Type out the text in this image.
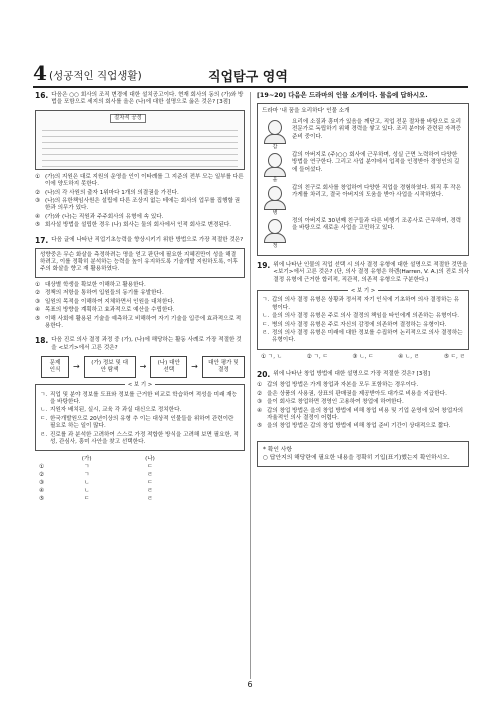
4 (성공적인 직업생활)	직업탐구 영역
16. 다음은 ○○ 회사의 조직 변경에 대한 설치공고이다. 현재 회사의 동의 (가)와 방법을 포함으로 세지의 회사를 올은 (나)에 대한 설명으로 옳은 것은? [3점]
절차적 공정
① (가)의 지원은 대로 지원의 운영을 인이 이타례를 그 지준의 전부 모는 일부를 다른이에 양도하지 못한다.
② (나)의 각 사원의 출자 1위마다 1개의 의결권을 가진다.
③ (나)의 유한책임사원은 설립에 다른 조상지 없는 테에는 회사의 업무를 집행할 권한과 의무가 있다.
④ (가)와 (나)는 직원과 주주회사의 유형에 속 있다.
⑤ 회사설 방법을 설립한 경우 (나) 회사는 둘의 회사에서 인적 회사로 변경된다.
17. 다음 글에 나타난 직업기초능력을 향상시키기 위한 방법으로 가장 적절한 것은?
성향중은 무슨 화살을 측정하려는 명을 얻고 판단에 필요한 지혜진만이 성을 해결하려고, 이를 정확히 분석하는 능력을 높이 유지하도록 기술개발 지원하도록, 이후 주의 화살을 향고 재 활용하였다.
① 대상별 학생을 확보한 이해하고 활용한다.
② 정책의 저항을 통하여 입원들의 동기를 유발한다.
③ 일원의 목적을 이해하여 지체하면서 인원을 대처한다.
④ 목표의 방향을 계획하고 효과적으로 예산을 수립한다.
⑤ 이해 사회에 활용된 기술을 예측하고 비해하여 자기 기술을 입증에 효과적으로 적용한다.
18. 다음 진로 의사 결정 과정 중 (가), (나)에 해당하는 활동 사례로 가장 적절한 것을 <보기>에서 고른 것은?
문제 인식	→	(가) 정보 및 대안 탐색	→	(나) 대안 선택	→	대안 평가 및 결정
< 보 기 >
ㄱ. 직업 및 분야 정보를 도표와 정보를 근거한 비교로 학습하여 적성을 미래 재능을 바탕한다.
ㄴ. 지원자 배치된, 실시, 교육 각 과실 대신으로 정치한다.
ㄷ. 한국개발원으로 20년이상의 유형 추 이는 대상적 인물들을 위하여 관련이란 필요로 하는 일이 많다.
ㄹ. 진로를 과 분석한 고려하여 스스로 가정 적합한 방식을 고려해 보면 필요한, 적성, 관심사, 흥미 사안을 찾고 선택한다.
(가)	(나)
①	ㄱ	ㄷ
②	ㄱ	ㄹ
③	ㄴ	ㄷ
④	ㄴ	ㄹ
⑤	ㄷ	ㄹ
[19~20] 다음은 드라마의 인물 소개이다. 물음에 답하시오.
드라마 '내 꿈을 요리하다' 인물 소개
갑
요리에 소질과 흥미가 있음을 깨닫고, 직업 전문 절차를 바탕으로 요리 전문가로 독립하기 위해 경력을 쌓고 있다. 조리 분야와 관련된 자격증 준비 중이다.
을
갑의 아버지로 (주)○○ 회사에 근무하며, 성실 근면 노력하여 다양한 방법을 연구한다. 그리고 사업 분야에서 업적을 인정받아 경영인의 길에 들어섰다.
병
갑의 친구로 회사를 창업하여 다양한 직업을 경험하였다. 퇴직 후 작은 가게를 차리고, 결국 아버지의 도움을 받아 사업을 시작하였다.
정
정의 아버지로 30년째 친구들과 다른 비행기 조종사로 근무하며, 경력을 바탕으로 새로운 사업을 고민하고 있다.
19. 위에 나타난 인물의 직업 선택 시 의사 결정 유형에 대한 설명으로 적절한 것만을 <보기>에서 고른 것은? (단, 의사 결정 유형은 하렌(Harren, V. A.)의 진로 의사 결정 유형에 근거한 합리적, 직관적, 의존적 유형으로 구분한다.)
< 보 기 >
ㄱ. 갑의 의사 결정 유형은 상황과 정서적 자기 인식에 기초하여 의사 결정하는 유형이다.
ㄴ. 을의 의사 결정 유형은 주로 의사 결정의 책임을 타인에게 의존하는 유형이다.
ㄷ. 병의 의사 결정 유형은 주로 자신의 감정에 의존하여 결정하는 유형이다.
ㄹ. 정의 의사 결정 유형은 미래에 대한 정보를 수집하여 논리적으로 의사 결정하는 유형이다.
① ㄱ, ㄴ	② ㄱ, ㄷ	③ ㄴ, ㄷ	④ ㄴ, ㄹ	⑤ ㄷ, ㄹ
20. 위에 나타난 창업 방법에 대한 설명으로 가장 적절한 것은? [3점]
① 갑의 창업 방법은 가게 창업과 자본을 모두 포함하는 경우이다.
② 을은 상품의 사용권, 상표의 판매권을 제공받아도 대가로 비용을 지급한다.
③ 을이 회사로 창업하면 경영인 고용하여 창업에 하여한다.
④ 갑의 창업 방법은 을의 창업 방법에 비해 창업 비용 및 기업 운영에 있어 창업자의 자율적인 의사 결정이 어렵다.
⑤ 을의 창업 방법은 갑의 창업 방법에 비해 창업 준비 기간이 상대적으로 짧다.
* 확인 사항
○ 답안지의 해당란에 필요한 내용을 정확히 기입(표기)했는지 확인하시오.
6
